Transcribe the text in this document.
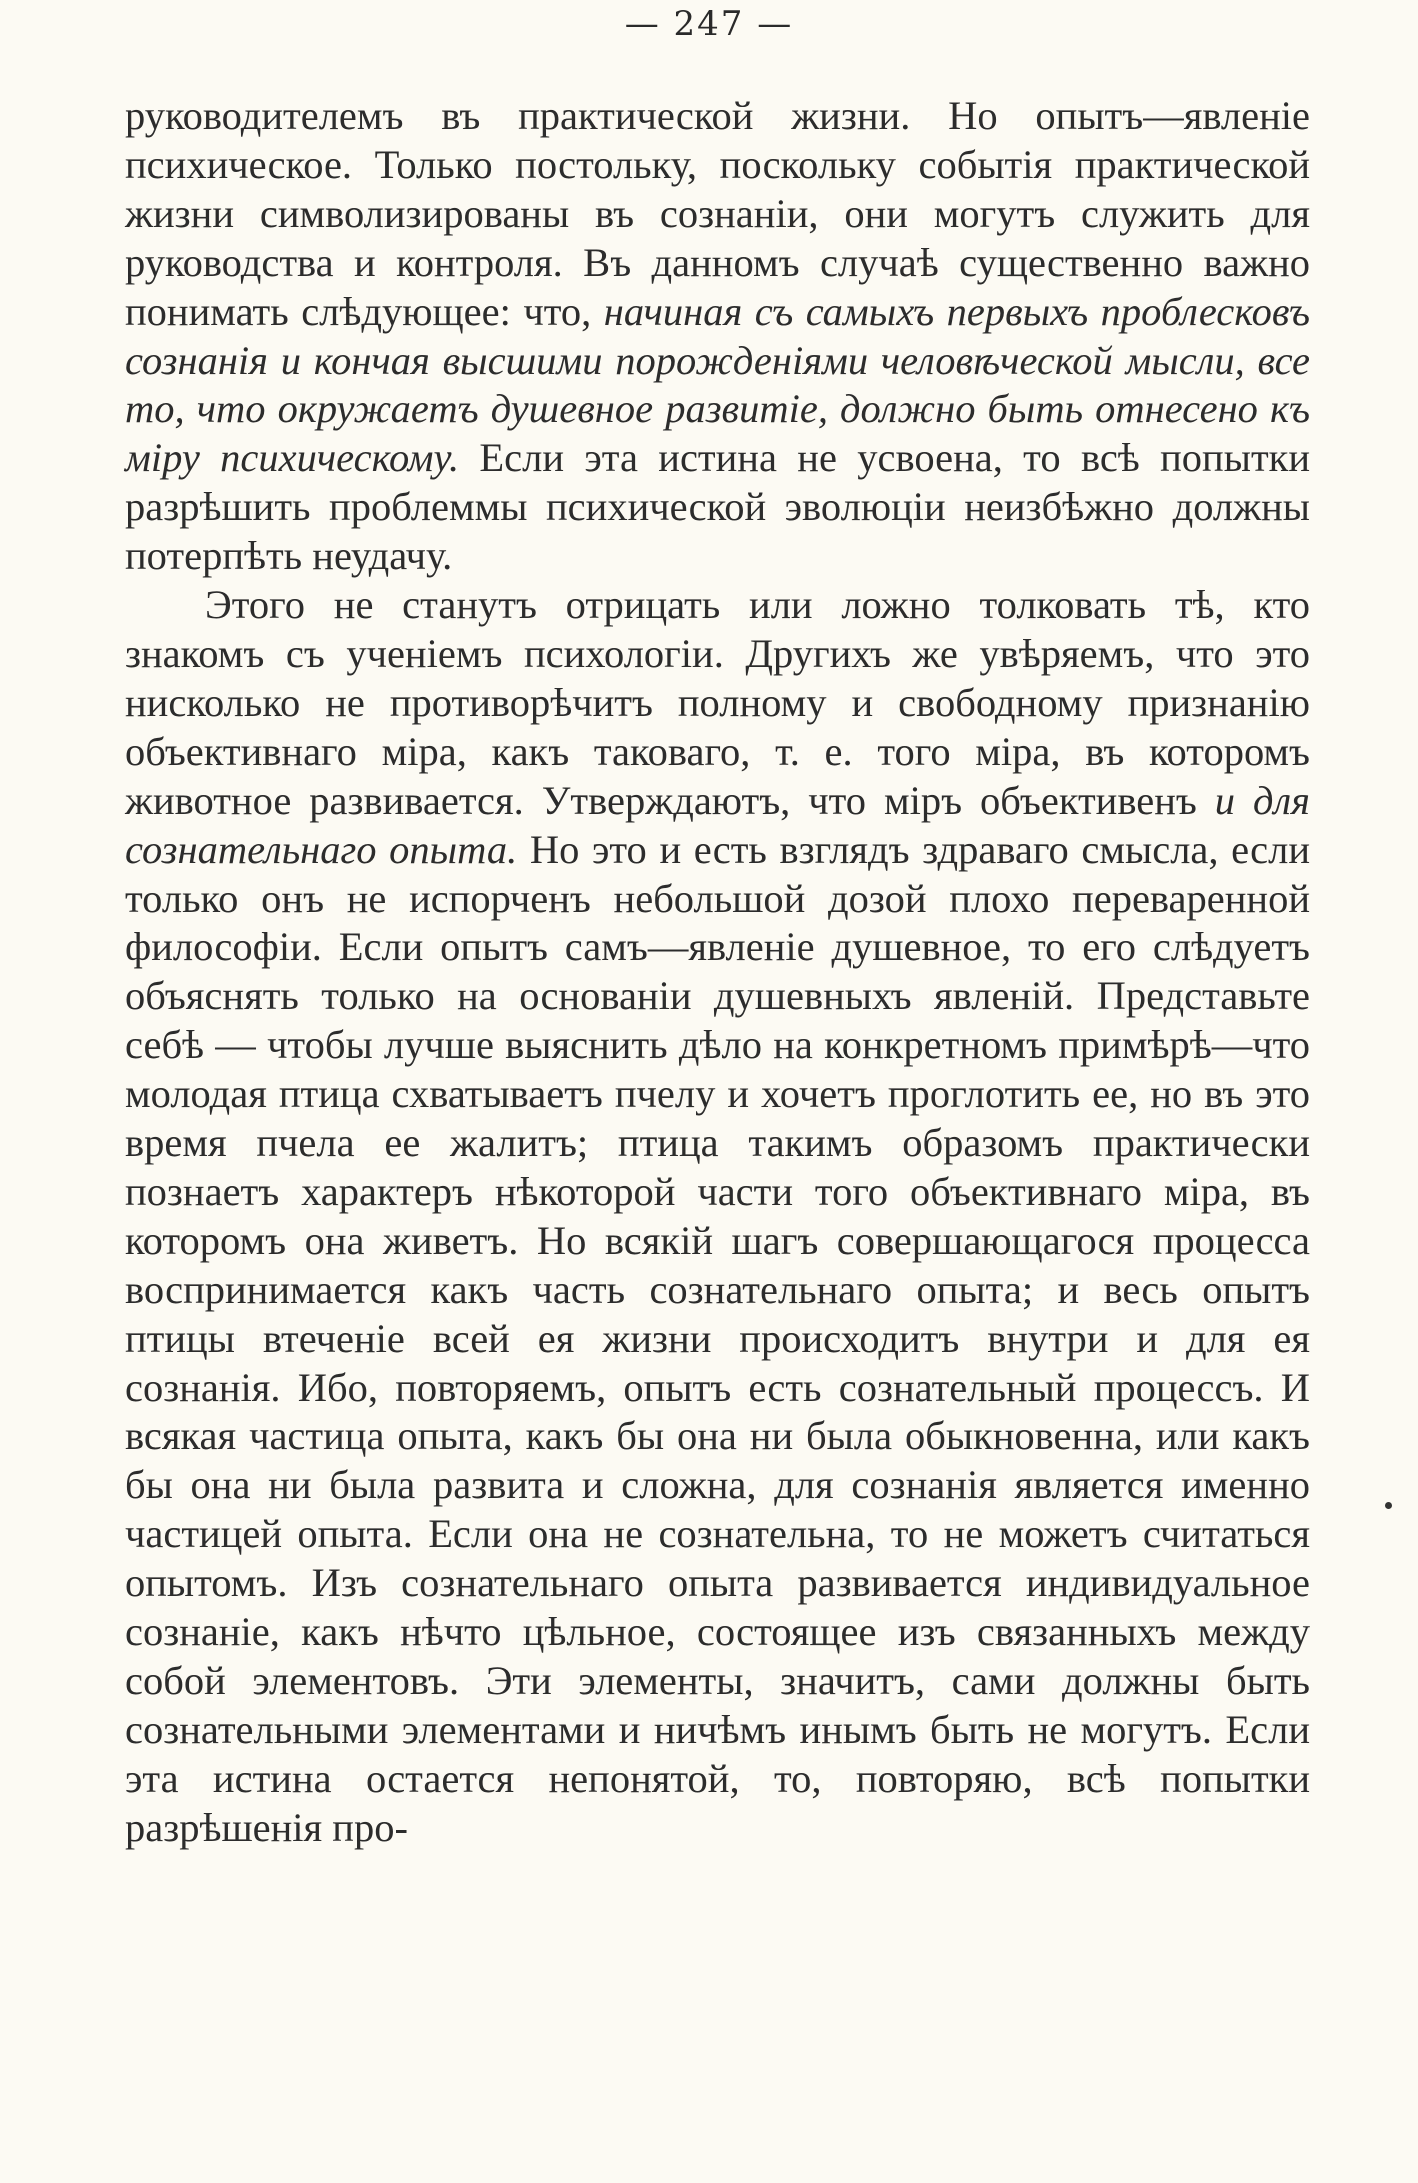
— 247 —

руководителемъ въ практической жизни. Но опытъ—явленіе психическое. Только постольку, поскольку событія практической жизни символизированы въ сознаніи, они могутъ служить для руководства и контроля. Въ данномъ случаѣ существенно важно понимать слѣдующее: что, начиная съ самыхъ первыхъ проблесковъ сознанія и кончая высшими порожденіями человѣческой мысли, все то, что окружаетъ душевное развитіе, должно быть отнесено къ міру психическому. Если эта истина не усвоена, то всѣ попытки разрѣшить проблеммы психической эволюціи неизбѣжно должны потерпѣть неудачу.

Этого не станутъ отрицать или ложно толковать тѣ, кто знакомъ съ ученіемъ психологіи. Другихъ же увѣряемъ, что это нисколько не противорѣчитъ полному и свободному признанію объективнаго міра, какъ таковаго, т. е. того міра, въ которомъ животное развивается. Утверждаютъ, что міръ объективенъ и для сознательнаго опыта. Но это и есть взглядъ здраваго смысла, если только онъ не испорченъ небольшой дозой плохо переваренной философіи. Если опытъ самъ—явленіе душевное, то его слѣдуетъ объяснять только на основаніи душевныхъ явленій. Представьте себѣ — чтобы лучше выяснить дѣло на конкретномъ примѣрѣ—что молодая птица схватываетъ пчелу и хочетъ проглотить ее, но въ это время пчела ее жалитъ; птица такимъ образомъ практически познаетъ характеръ нѣкоторой части того объективнаго міра, въ которомъ она живетъ. Но всякій шагъ совершающагося процесса воспринимается какъ часть сознательнаго опыта; и весь опытъ птицы втеченіе всей ея жизни происходитъ внутри и для ея сознанія. Ибо, повторяемъ, опытъ есть сознательный процессъ. И всякая частица опыта, какъ бы она ни была обыкновенна, или какъ бы она ни была развита и сложна, для сознанія является именно частицей опыта. Если она не сознательна, то не можетъ считаться опытомъ. Изъ сознательнаго опыта развивается индивидуальное сознаніе, какъ нѣчто цѣльное, состоящее изъ связанныхъ между собой элементовъ. Эти элементы, значитъ, сами должны быть сознательными элементами и ничѣмъ инымъ быть не могутъ. Если эта истина остается непонятой, то, повторяю, всѣ попытки разрѣшенія про-
